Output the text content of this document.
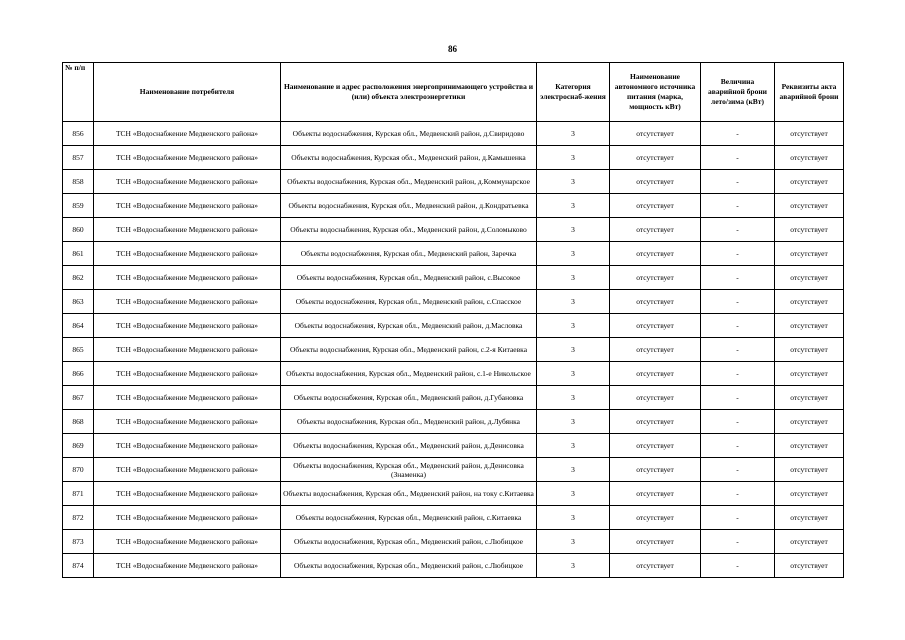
86
№ п/п	Наименование потребителя	Наименование и адрес расположения энергопринимающего устройства и (или) объекта электроэнергетики	Категория электроснаб-жения	Наименование автономного источника питания (марка, мощность кВт)	Величина аварийной брони лето/зима (кВт)	Реквизиты акта аварийной брони
856	ТСН «Водоснабжение Медвенского района»	Объекты водоснабжения, Курская обл., Медвенский район, д.Свиридово	3	отсутствует	-	отсутствует
857	ТСН «Водоснабжение Медвенского района»	Объекты водоснабжения, Курская обл., Медвенский район, д.Камышенка	3	отсутствует	-	отсутствует
858	ТСН «Водоснабжение Медвенского района»	Объекты водоснабжения, Курская обл., Медвенский район, д.Коммунарское	3	отсутствует	-	отсутствует
859	ТСН «Водоснабжение Медвенского района»	Объекты водоснабжения, Курская обл., Медвенский район, д.Кондратьевка	3	отсутствует	-	отсутствует
860	ТСН «Водоснабжение Медвенского района»	Объекты водоснабжения, Курская обл., Медвенский район, д.Соломыково	3	отсутствует	-	отсутствует
861	ТСН «Водоснабжение Медвенского района»	Объекты водоснабжения, Курская обл., Медвенский район, Заречка	3	отсутствует	-	отсутствует
862	ТСН «Водоснабжение Медвенского района»	Объекты водоснабжения, Курская обл., Медвенский район, с.Высокое	3	отсутствует	-	отсутствует
863	ТСН «Водоснабжение Медвенского района»	Объекты водоснабжения, Курская обл., Медвенский район, с.Спасское	3	отсутствует	-	отсутствует
864	ТСН «Водоснабжение Медвенского района»	Объекты водоснабжения, Курская обл., Медвенский район, д.Масловка	3	отсутствует	-	отсутствует
865	ТСН «Водоснабжение Медвенского района»	Объекты водоснабжения, Курская обл., Медвенский район, с.2-я Китаевка	3	отсутствует	-	отсутствует
866	ТСН «Водоснабжение Медвенского района»	Объекты водоснабжения, Курская обл., Медвенский район, с.1-е Никольское	3	отсутствует	-	отсутствует
867	ТСН «Водоснабжение Медвенского района»	Объекты водоснабжения, Курская обл., Медвенский район, д.Губановка	3	отсутствует	-	отсутствует
868	ТСН «Водоснабжение Медвенского района»	Объекты водоснабжения, Курская обл., Медвенский район, д.Лубянка	3	отсутствует	-	отсутствует
869	ТСН «Водоснабжение Медвенского района»	Объекты водоснабжения, Курская обл., Медвенский район, д.Денисовка	3	отсутствует	-	отсутствует
870	ТСН «Водоснабжение Медвенского района»	Объекты водоснабжения, Курская обл., Медвенский район, д.Денисовка (Знаменка)	3	отсутствует	-	отсутствует
871	ТСН «Водоснабжение Медвенского района»	Объекты водоснабжения, Курская обл., Медвенский район, на току с.Китаевка	3	отсутствует	-	отсутствует
872	ТСН «Водоснабжение Медвенского района»	Объекты водоснабжения, Курская обл., Медвенский район, с.Китаевка	3	отсутствует	-	отсутствует
873	ТСН «Водоснабжение Медвенского района»	Объекты водоснабжения, Курская обл., Медвенский район, с.Любицкое	3	отсутствует	-	отсутствует
874	ТСН «Водоснабжение Медвенского района»	Объекты водоснабжения, Курская обл., Медвенский район, с.Любицкое	3	отсутствует	-	отсутствует
